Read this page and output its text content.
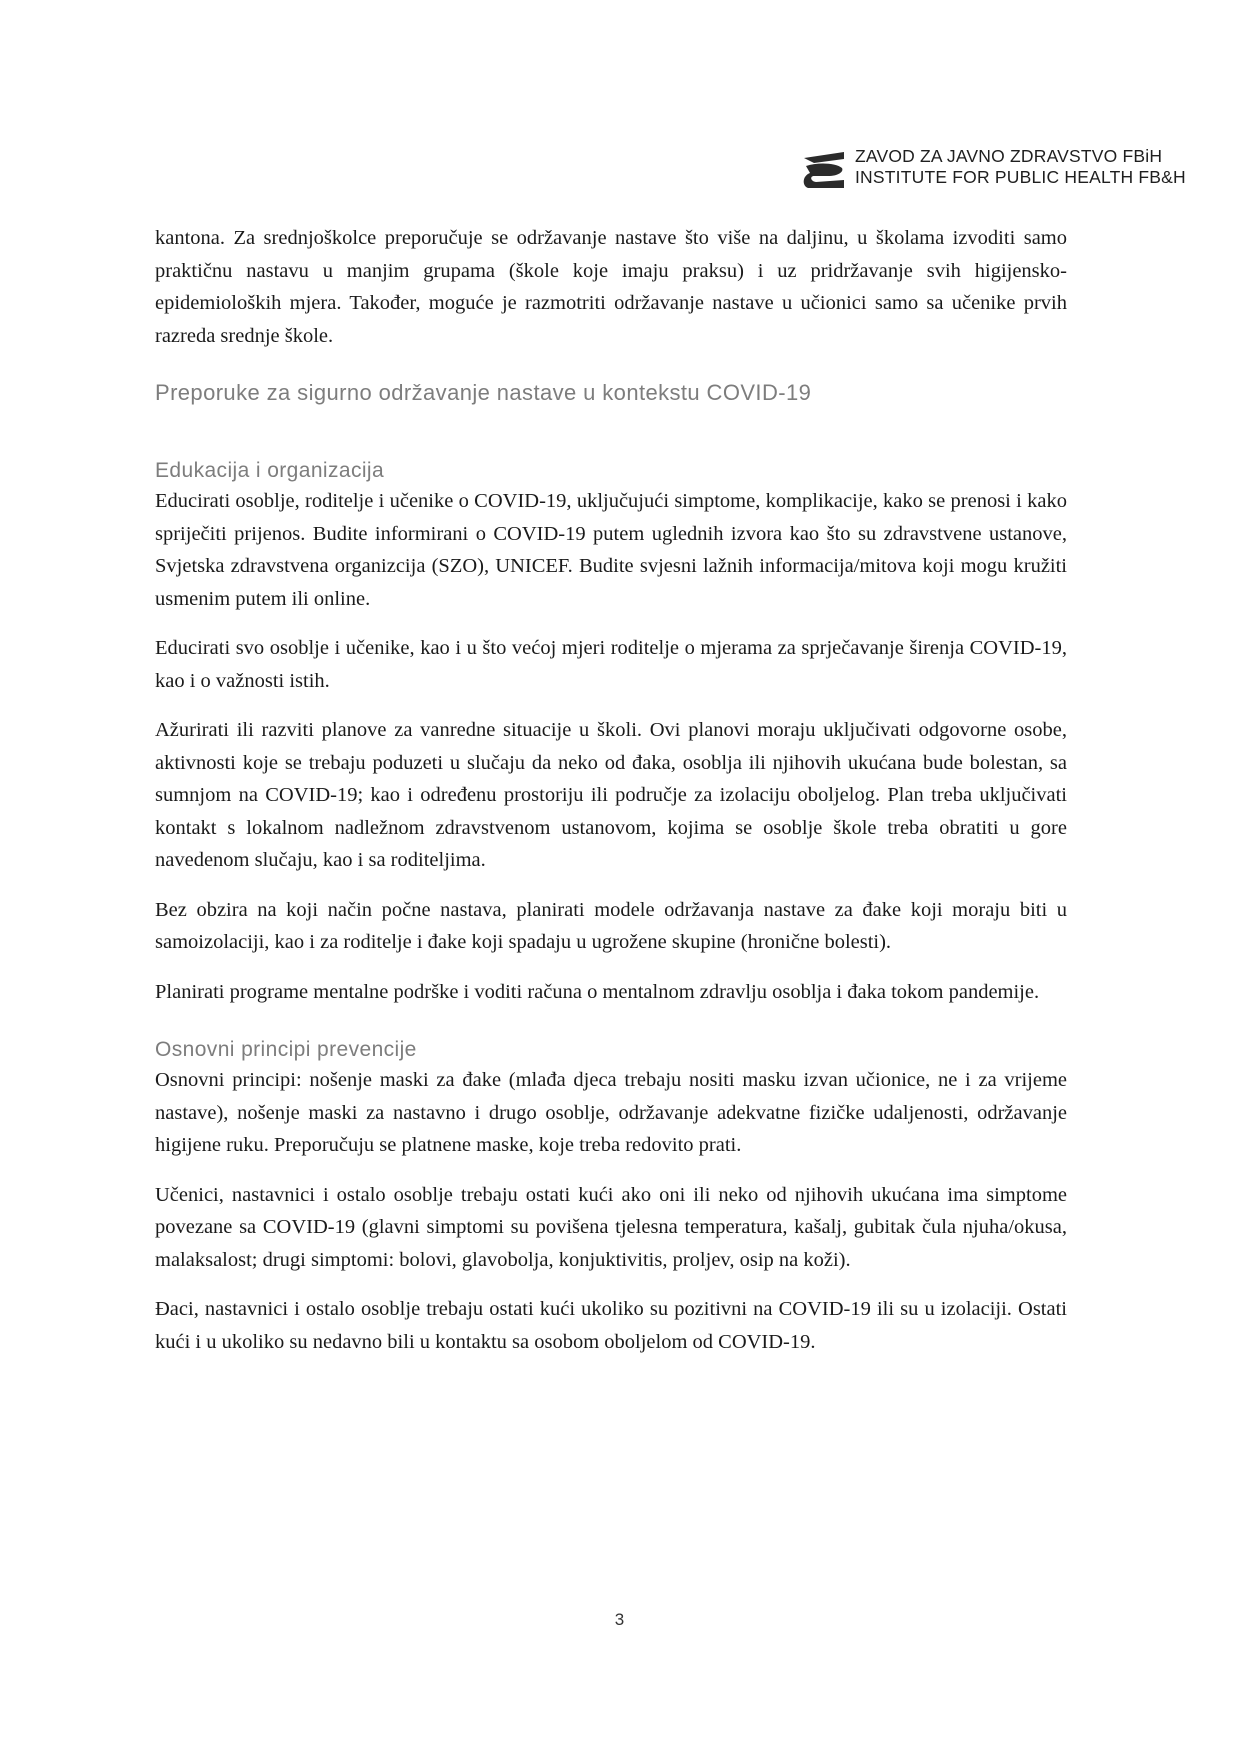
ZAVOD ZA JAVNO ZDRAVSTVO FBiH
INSTITUTE FOR PUBLIC HEALTH FB&H

kantona. Za srednjoškolce preporučuje se održavanje nastave što više na daljinu, u školama izvoditi samo praktičnu nastavu u manjim grupama (škole koje imaju praksu) i uz pridržavanje svih higijensko-epidemioloških mjera. Također, moguće je razmotriti održavanje nastave u učionici samo sa učenike prvih razreda srednje škole.

Preporuke za sigurno održavanje nastave u kontekstu COVID-19
Edukacija i organizacija

Educirati osoblje, roditelje i učenike o COVID-19, uključujući simptome, komplikacije, kako se prenosi i kako spriječiti prijenos. Budite informirani o COVID-19 putem uglednih izvora kao što su zdravstvene ustanove, Svjetska zdravstvena organizcija (SZO), UNICEF. Budite svjesni lažnih informacija/mitova koji mogu kružiti usmenim putem ili online.

Educirati svo osoblje i učenike, kao i u što većoj mjeri roditelje o mjerama za sprječavanje širenja COVID-19, kao i o važnosti istih.

Ažurirati ili razviti planove za vanredne situacije u školi. Ovi planovi moraju uključivati odgovorne osobe, aktivnosti koje se trebaju poduzeti u slučaju da neko od đaka, osoblja ili njihovih ukućana bude bolestan, sa sumnjom na COVID-19; kao i određenu prostoriju ili područje za izolaciju oboljelog. Plan treba uključivati kontakt s lokalnom nadležnom zdravstvenom ustanovom, kojima se osoblje škole treba obratiti u gore navedenom slučaju, kao i sa roditeljima.

Bez obzira na koji način počne nastava, planirati modele održavanja nastave za đake koji moraju biti u samoizolaciji, kao i za roditelje i đake koji spadaju u ugrožene skupine (hronične bolesti).

Planirati programe mentalne podrške i voditi računa o mentalnom zdravlju osoblja i đaka tokom pandemije.

Osnovni principi prevencije

Osnovni principi: nošenje maski za đake (mlađa djeca trebaju nositi masku izvan učionice, ne i za vrijeme nastave), nošenje maski za nastavno i drugo osoblje, održavanje adekvatne fizičke udaljenosti, održavanje higijene ruku. Preporučuju se platnene maske, koje treba redovito prati.

Učenici, nastavnici i ostalo osoblje trebaju ostati kući ako oni ili neko od njihovih ukućana ima simptome povezane sa COVID-19 (glavni simptomi su povišena tjelesna temperatura, kašalj, gubitak čula njuha/okusa, malaksalost; drugi simptomi: bolovi, glavobolja, konjuktivitis, proljev, osip na koži).

Đaci, nastavnici i ostalo osoblje trebaju ostati kući ukoliko su pozitivni na COVID-19 ili su u izolaciji. Ostati kući i u ukoliko su nedavno bili u kontaktu sa osobom oboljelom od COVID-19.

3
